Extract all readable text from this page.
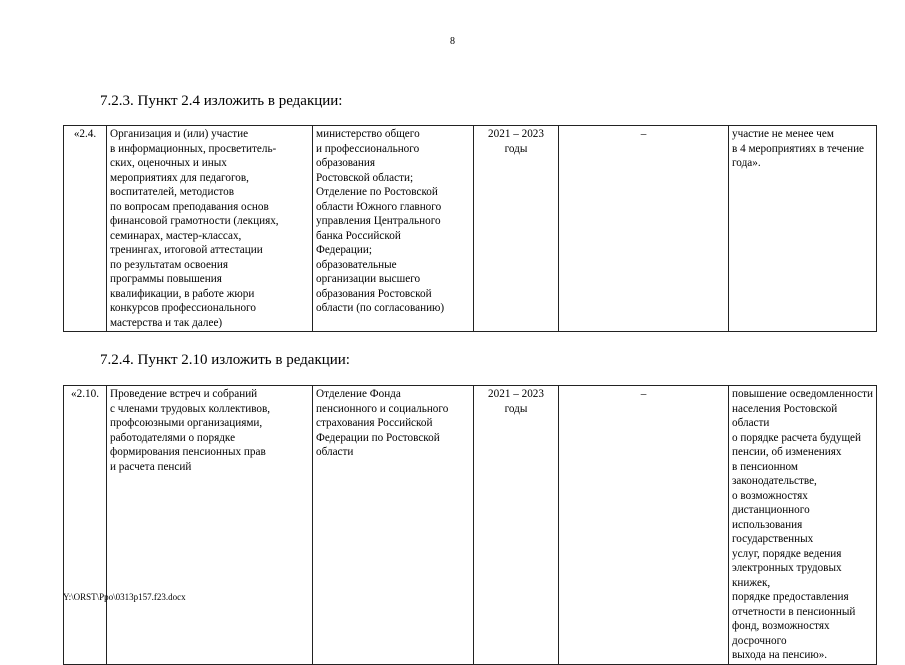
8
7.2.3. Пункт 2.4 изложить в редакции:
«2.4.	Организация и (или) участие
в информационных, просветитель-
ских, оценочных и иных
мероприятиях для педагогов,
воспитателей, методистов
по вопросам преподавания основ
финансовой грамотности (лекциях,
семинарах, мастер-классах,
тренингах, итоговой аттестации
по результатам освоения
программы повышения
квалификации, в работе жюри
конкурсов профессионального
мастерства и так далее)	министерство общего
и профессионального
образования
Ростовской области;
Отделение по Ростовской
области Южного главного
управления Центрального
банка Российской
Федерации;
образовательные
организации высшего
образования Ростовской
области (по согласованию)	2021 – 2023
годы	–	участие не менее чем
в 4 мероприятиях в течение
года».
7.2.4. Пункт 2.10 изложить в редакции:
«2.10.	Проведение встреч и собраний
с членами трудовых коллективов,
профсоюзными организациями,
работодателями о порядке
формирования пенсионных прав
и расчета пенсий	Отделение Фонда
пенсионного и социального
страхования Российской
Федерации по Ростовской
области	2021 – 2023
годы	–	повышение осведомленности
населения Ростовской области
о порядке расчета будущей
пенсии, об изменениях
в пенсионном законодательстве,
о возможностях дистанционного
использования государственных
услуг, порядке ведения
электронных трудовых книжек,
порядке предоставления
отчетности в пенсионный
фонд, возможностях досрочного
выхода на пенсию».
Y:\ORST\Ppo\0313p157.f23.docx
